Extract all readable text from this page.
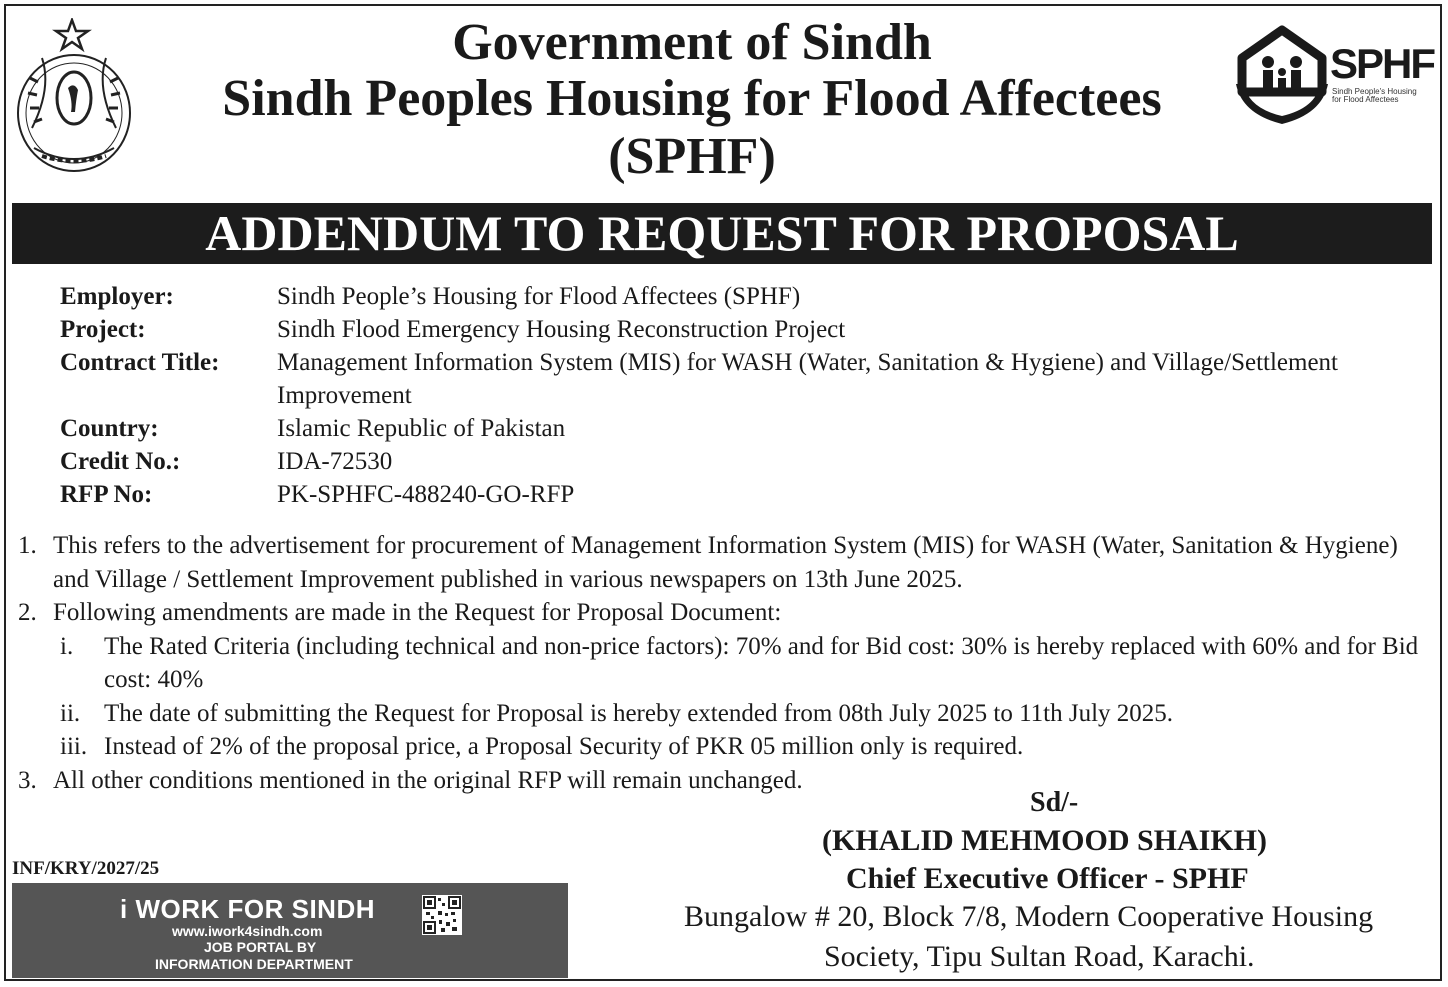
Government of Sindh
Sindh Peoples Housing for Flood Affectees
(SPHF)
SPHF
Sindh People's Housing
for Flood Affectees
ADDENDUM TO REQUEST FOR PROPOSAL
Employer:	Sindh People’s Housing for Flood Affectees (SPHF)
Project:	Sindh Flood Emergency Housing Reconstruction Project
Contract Title:	Management Information System (MIS) for WASH (Water, Sanitation & Hygiene) and Village/Settlement Improvement
Country:	Islamic Republic of Pakistan
Credit No.:	IDA-72530
RFP No:	PK-SPHFC-488240-GO-RFP
1. This refers to the advertisement for procurement of Management Information System (MIS) for WASH (Water, Sanitation & Hygiene) and Village / Settlement Improvement published in various newspapers on 13th June 2025.
2. Following amendments are made in the Request for Proposal Document:
i.	The Rated Criteria (including technical and non-price factors): 70% and for Bid cost: 30% is hereby replaced with 60% and for Bid cost: 40%
ii. The date of submitting the Request for Proposal is hereby extended from 08th July 2025 to 11th July 2025.
iii. Instead of 2% of the proposal price, a Proposal Security of PKR 05 million only is required.
3. All other conditions mentioned in the original RFP will remain unchanged.
Sd/-
(KHALID MEHMOOD SHAIKH)
Chief Executive Officer - SPHF
Bungalow # 20, Block 7/8, Modern Cooperative Housing
Society, Tipu Sultan Road, Karachi.
INF/KRY/2027/25
i WORK FOR SINDH
www.iwork4sindh.com
JOB PORTAL BY
INFORMATION DEPARTMENT
